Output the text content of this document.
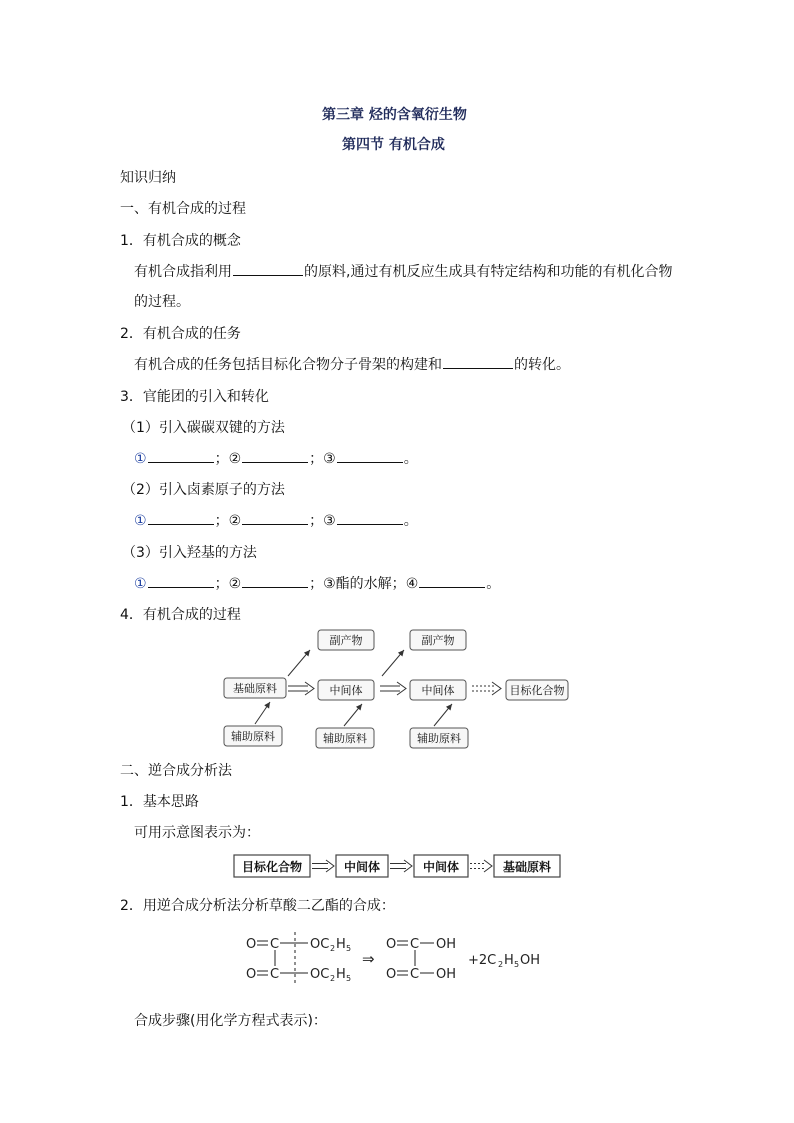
第三章 烃的含氧衍生物
第四节 有机合成
知识归纳
一、有机合成的过程
1．有机合成的概念
有机合成指利用	的原料,通过有机反应生成具有特定结构和功能的有机化合物
的过程。
2．有机合成的任务
有机合成的任务包括目标化合物分子骨架的构建和	的转化。
3．官能团的引入和转化
（1）引入碳碳双键的方法
①	；②	；③	。
（2）引入卤素原子的方法
①	；②	；③	。
（3）引入羟基的方法
①	；②	；③酯的水解；④	。
4．有机合成的过程
基础原料
副产物	副产物
中间体	中间体
辅助原料	辅助原料	辅助原料
目标化合物
二、逆合成分析法
1．基本思路
可用示意图表示为：
目标化合物	中间体	中间体	基础原料
2．用逆合成分析法分析草酸二乙酯的合成：
O C OC 2 H 5
O C OC 2 H 5
⇒
O C OH
O C OH
+2C 2 H 5 OH
合成步骤(用化学方程式表示)：
